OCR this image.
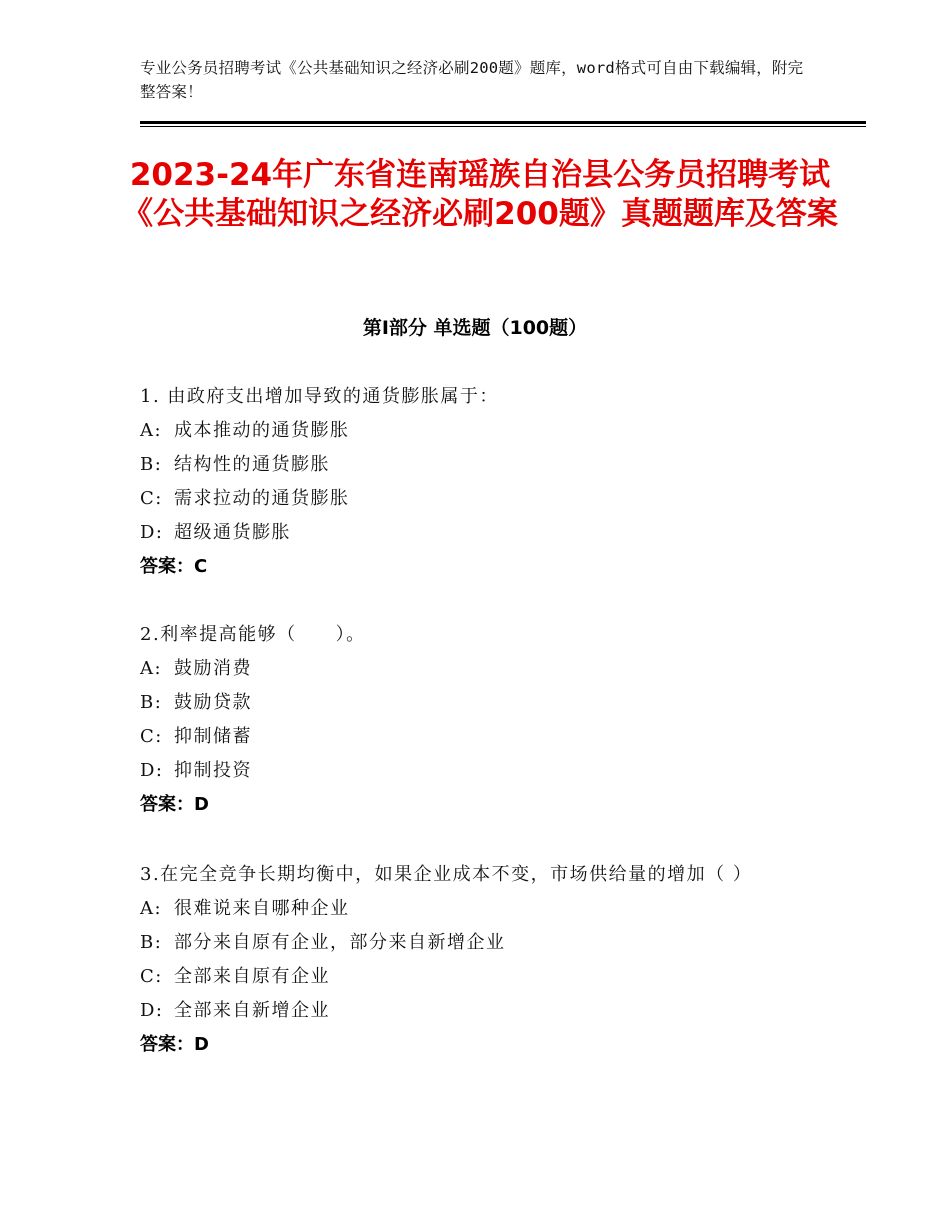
专业公务员招聘考试《公共基础知识之经济必刷200题》题库，word格式可自由下载编辑，附完整答案！
2023-24年广东省连南瑶族自治县公务员招聘考试《公共基础知识之经济必刷200题》真题题库及答案
第I部分 单选题（100题）
1. 由政府支出增加导致的通货膨胀属于：
A: 成本推动的通货膨胀
B: 结构性的通货膨胀
C: 需求拉动的通货膨胀
D: 超级通货膨胀
答案：C
2.利率提高能够（　　）。
A: 鼓励消费
B: 鼓励贷款
C: 抑制储蓄
D: 抑制投资
答案：D
3.在完全竞争长期均衡中，如果企业成本不变，市场供给量的增加（ ）
A: 很难说来自哪种企业
B: 部分来自原有企业，部分来自新增企业
C: 全部来自原有企业
D: 全部来自新增企业
答案：D
